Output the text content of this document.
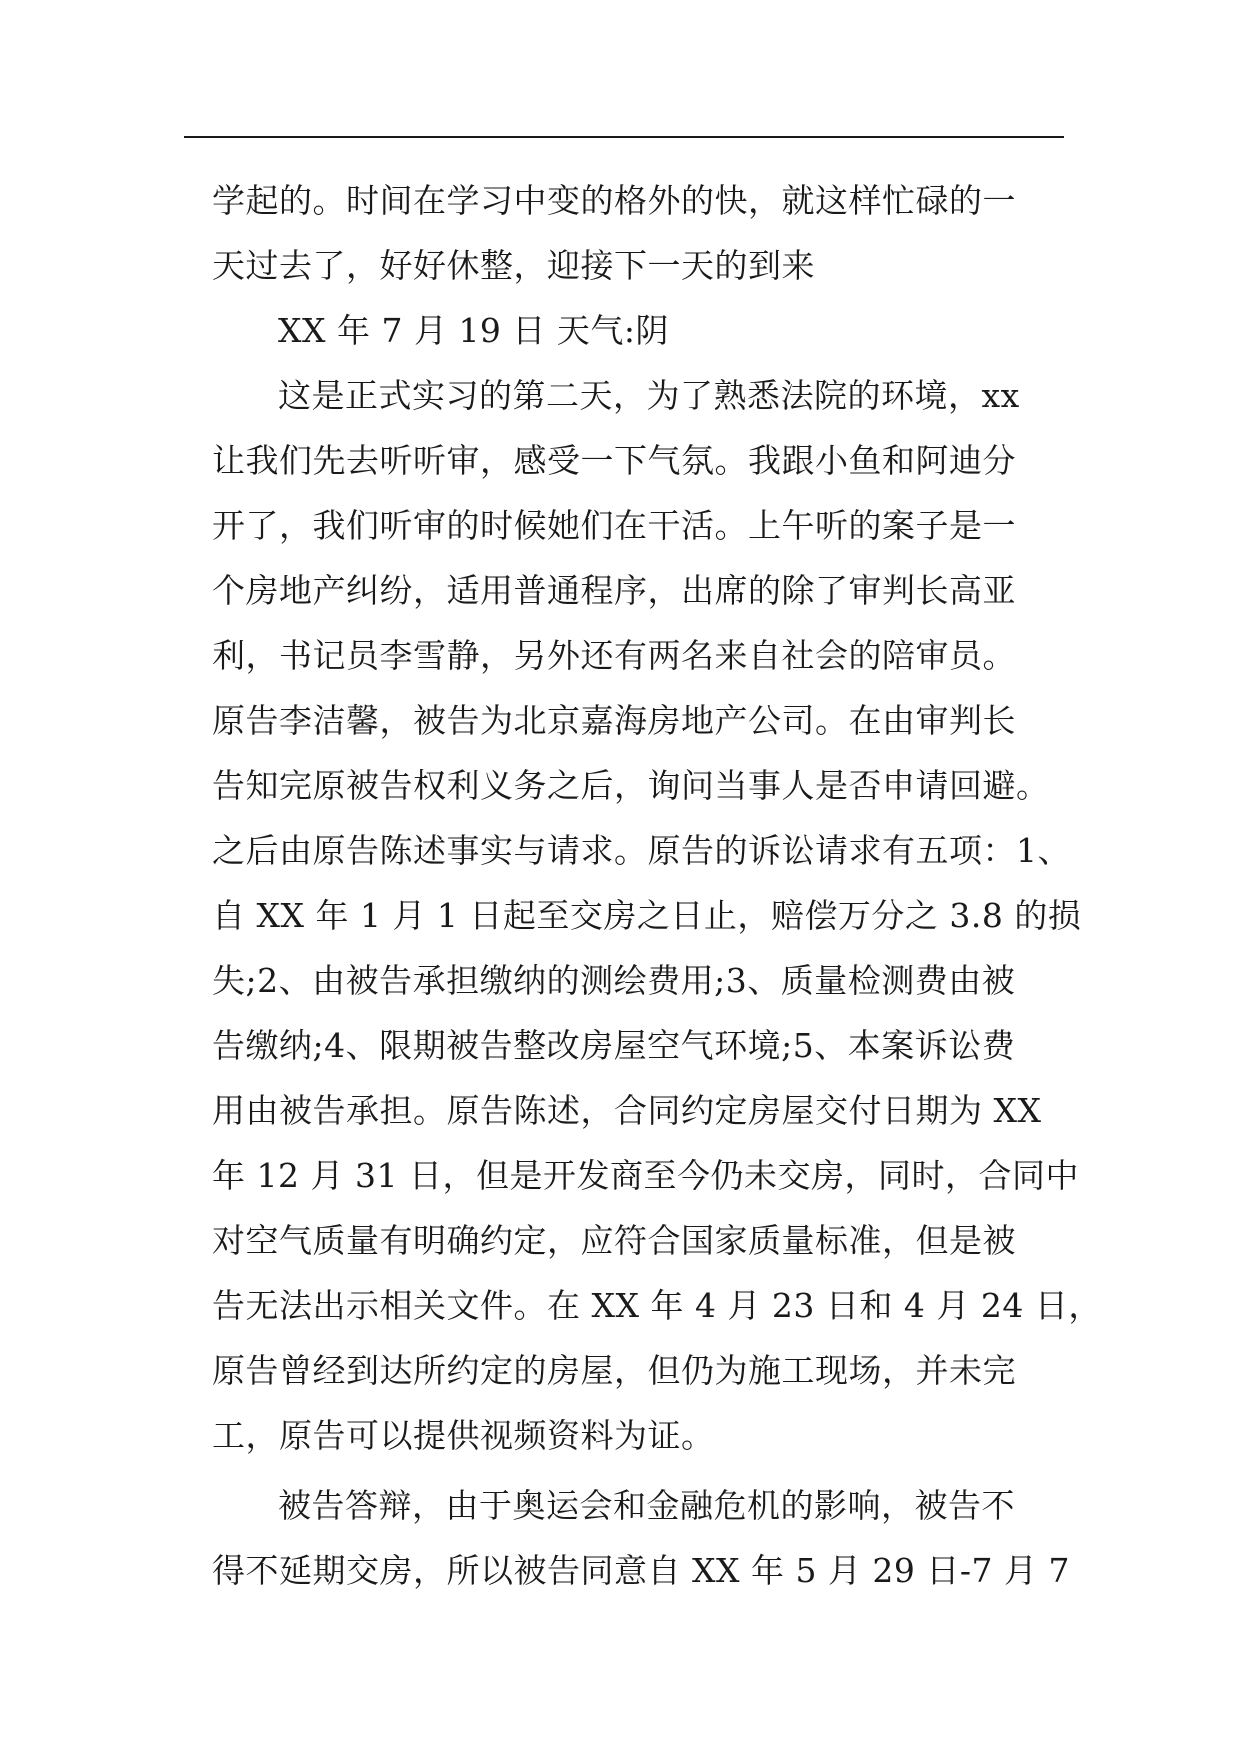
学起的。时间在学习中变的格外的快，就这样忙碌的一
天过去了，好好休整，迎接下一天的到来
XX 年 7 月 19 日 天气:阴
这是正式实习的第二天，为了熟悉法院的环境，xx
让我们先去听听审，感受一下气氛。我跟小鱼和阿迪分
开了，我们听审的时候她们在干活。上午听的案子是一
个房地产纠纷，适用普通程序，出席的除了审判长高亚
利，书记员李雪静，另外还有两名来自社会的陪审员。
原告李洁馨，被告为北京嘉海房地产公司。在由审判长
告知完原被告权利义务之后，询问当事人是否申请回避。
之后由原告陈述事实与请求。原告的诉讼请求有五项：1、
自 XX 年 1 月 1 日起至交房之日止，赔偿万分之 3.8 的损
失;2、由被告承担缴纳的测绘费用;3、质量检测费由被
告缴纳;4、限期被告整改房屋空气环境;5、本案诉讼费
用由被告承担。原告陈述，合同约定房屋交付日期为 XX
年 12 月 31 日，但是开发商至今仍未交房，同时，合同中
对空气质量有明确约定，应符合国家质量标准，但是被
告无法出示相关文件。在 XX 年 4 月 23 日和 4 月 24 日，
原告曾经到达所约定的房屋，但仍为施工现场，并未完
工，原告可以提供视频资料为证。
被告答辩，由于奥运会和金融危机的影响，被告不
得不延期交房，所以被告同意自 XX 年 5 月 29 日-7 月 7
